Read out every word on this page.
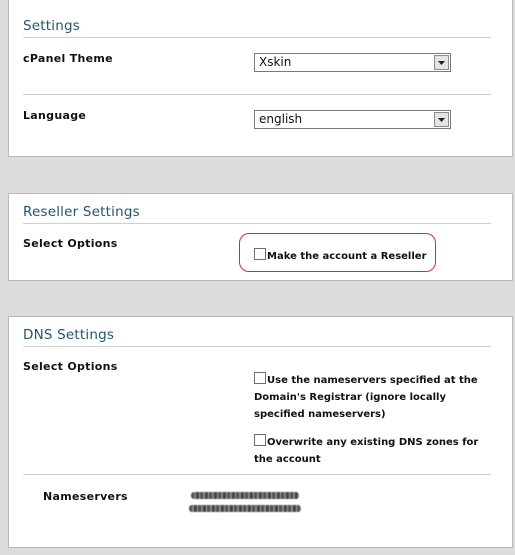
Settings
cPanel Theme	Xskin
Language	english
Reseller Settings
Select Options
Make the account a Reseller
DNS Settings
Select Options
Use the nameservers specified at the
Domain's Registrar (ignore locally
specified nameservers)
Overwrite any existing DNS zones for
the account
Nameservers
